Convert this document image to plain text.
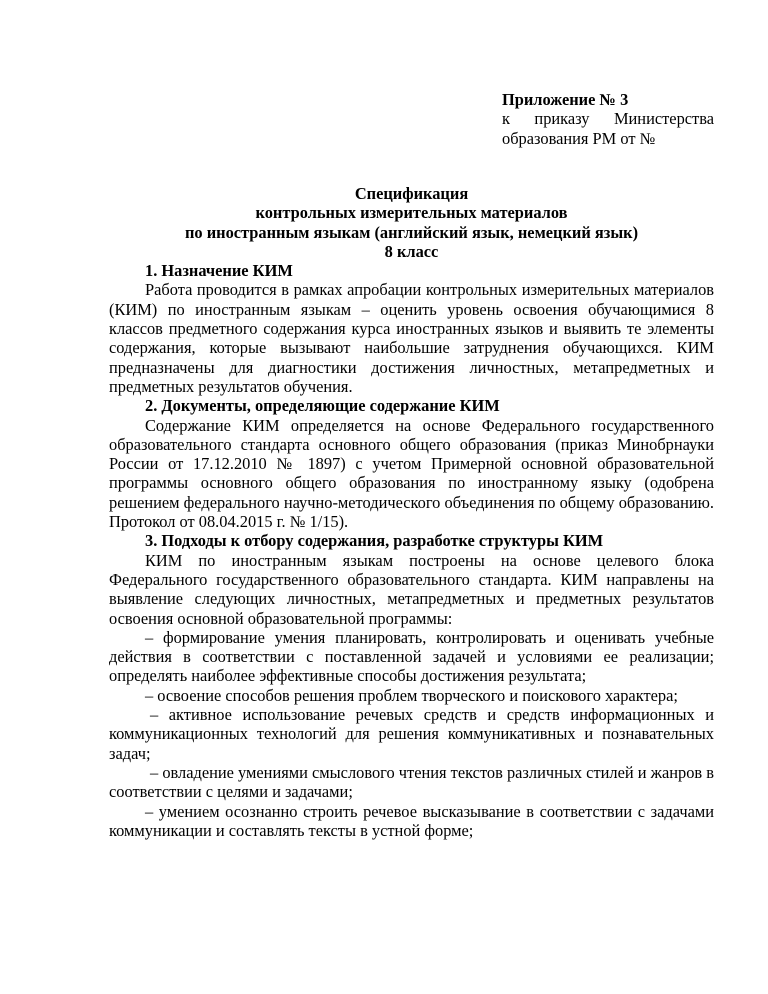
Приложение № 3
к приказу Министерства образования РМ от №
Спецификация
контрольных измерительных материалов
по иностранным языкам (английский язык, немецкий язык)
8 класс
1. Назначение КИМ

Работа проводится в рамках апробации контрольных измерительных материалов (КИМ) по иностранным языкам – оценить уровень освоения обучающимися 8 классов предметного содержания курса иностранных языков и выявить те элементы содержания, которые вызывают наибольшие затруднения обучающихся. КИМ предназначены для диагностики достижения личностных, метапредметных и предметных результатов обучения.

2. Документы, определяющие содержание КИМ

Содержание КИМ определяется на основе Федерального государственного образовательного стандарта основного общего образования (приказ Минобрнауки России от 17.12.2010 № 1897) с учетом Примерной основной образовательной программы основного общего образования по иностранному языку (одобрена решением федерального научно-методического объединения по общему образованию. Протокол от 08.04.2015 г. № 1/15).

3. Подходы к отбору содержания, разработке структуры КИМ

КИМ по иностранным языкам построены на основе целевого блока Федерального государственного образовательного стандарта. КИМ направлены на выявление следующих личностных, метапредметных и предметных результатов освоения основной образовательной программы:

– формирование умения планировать, контролировать и оценивать учебные действия в соответствии с поставленной задачей и условиями ее реализации; определять наиболее эффективные способы достижения результата;

– освоение способов решения проблем творческого и поискового характера;

– активное использование речевых средств и средств информационных и коммуникационных технологий для решения коммуникативных и познавательных задач;

– овладение умениями смыслового чтения текстов различных стилей и жанров в соответствии с целями и задачами;

– умением осознанно строить речевое высказывание в соответствии с задачами коммуникации и составлять тексты в устной форме;
